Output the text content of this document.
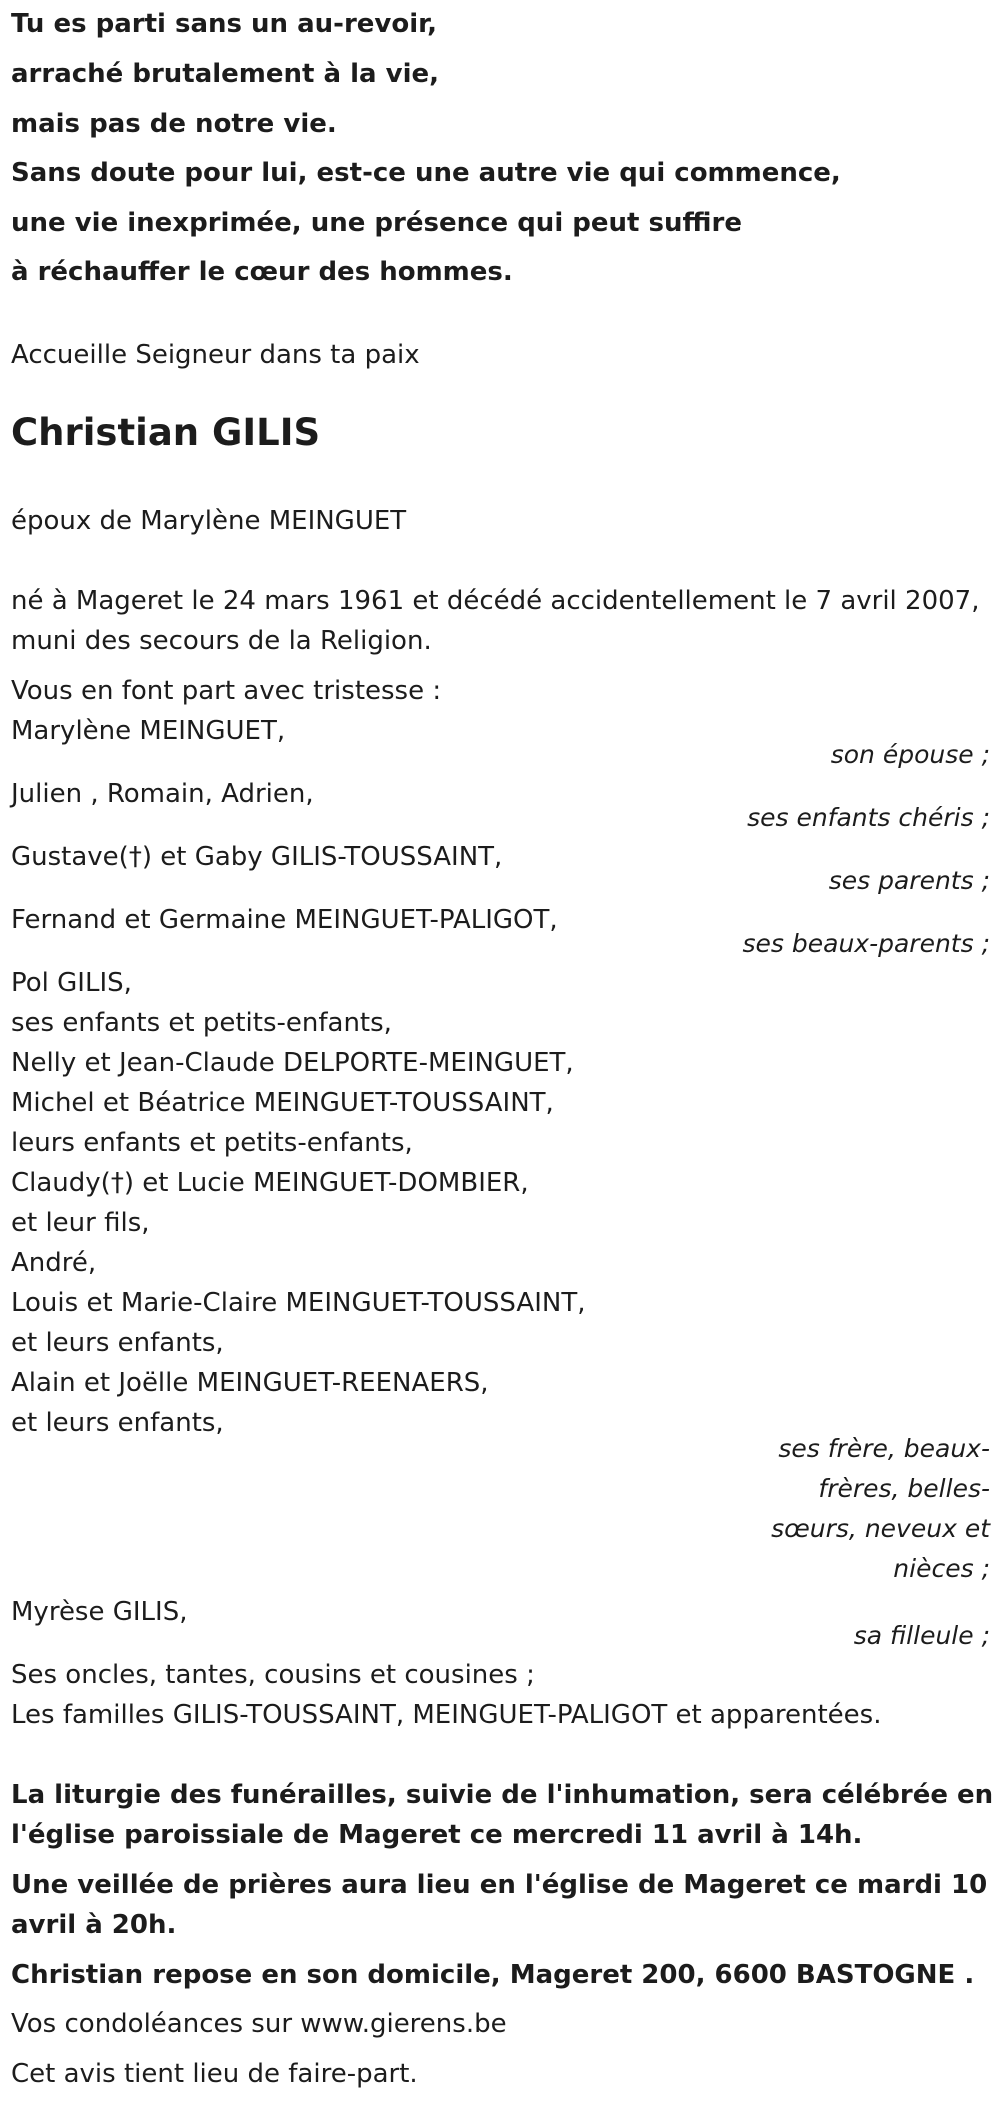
Tu es parti sans un au-revoir,
arraché brutalement à la vie,
mais pas de notre vie.
Sans doute pour lui, est-ce une autre vie qui commence,
une vie inexprimée, une présence qui peut suffire
à réchauffer le cœur des hommes.
Accueille Seigneur dans ta paix
Christian GILIS
époux de Marylène MEINGUET
né à Mageret le 24 mars 1961 et décédé accidentellement le 7 avril 2007,
muni des secours de la Religion.
Vous en font part avec tristesse :
Marylène MEINGUET,
son épouse ;
Julien , Romain, Adrien,
ses enfants chéris ;
Gustave(†) et Gaby GILIS-TOUSSAINT,
ses parents ;
Fernand et Germaine MEINGUET-PALIGOT,
ses beaux-parents ;
Pol GILIS,
ses enfants et petits-enfants,
Nelly et Jean-Claude DELPORTE-MEINGUET,
Michel et Béatrice MEINGUET-TOUSSAINT,
leurs enfants et petits-enfants,
Claudy(†) et Lucie MEINGUET-DOMBIER,
et leur fils,
André,
Louis et Marie-Claire MEINGUET-TOUSSAINT,
et leurs enfants,
Alain et Joëlle MEINGUET-REENAERS,
et leurs enfants,
ses frère, beaux-
frères, belles-
sœurs, neveux et
nièces ;
Myrèse GILIS,
sa filleule ;
Ses oncles, tantes, cousins et cousines ;
Les familles GILIS-TOUSSAINT, MEINGUET-PALIGOT et apparentées.
La liturgie des funérailles, suivie de l'inhumation, sera célébrée en
l'église paroissiale de Mageret ce mercredi 11 avril à 14h.
Une veillée de prières aura lieu en l'église de Mageret ce mardi 10
avril à 20h.
Christian repose en son domicile, Mageret 200, 6600 BASTOGNE .
Vos condoléances sur www.gierens.be
Cet avis tient lieu de faire-part.
